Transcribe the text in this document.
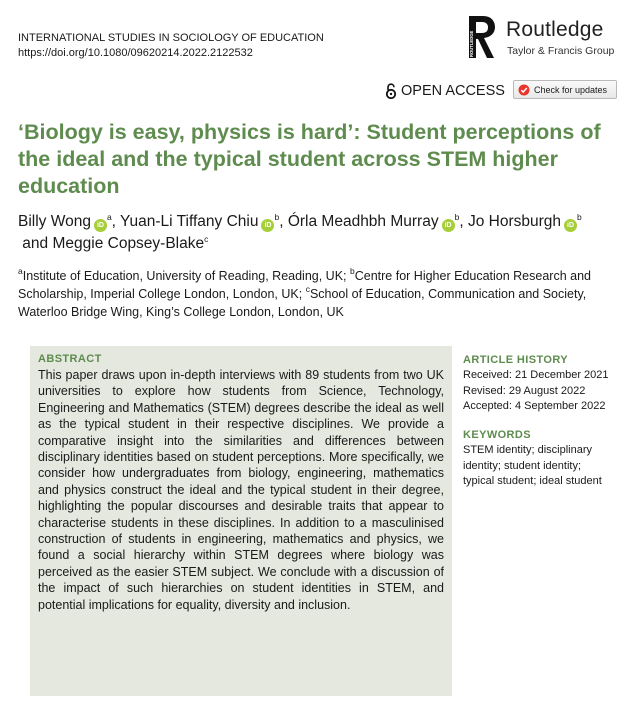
INTERNATIONAL STUDIES IN SOCIOLOGY OF EDUCATION
https://doi.org/10.1080/09620214.2022.2122532	ROUTLEDGE
Routledge
Taylor & Francis Group
OPEN ACCESS	Check for updates
‘Biology is easy, physics is hard’: Student perceptions of the ideal and the typical student across STEM higher education
Billy Wong $iD^a$, Yuan-Li Tiffany Chiu $iD^b$, Órla Meadhbh Murray $iD^b$, Jo Horsburgh $iD^b$ and Meggie Copsey-Blake$^c$
$^a$Institute of Education, University of Reading, Reading, UK; $^b$Centre for Higher Education Research and Scholarship, Imperial College London, London, UK; $^c$School of Education, Communication and Society, Waterloo Bridge Wing, King’s College London, London, UK
ABSTRACT
This paper draws upon in-depth interviews with 89 students from two UK universities to explore how students from Science, Technology, Engineering and Mathematics (STEM) degrees describe the ideal as well as the typical student in their respective disciplines. We provide a comparative insight into the similarities and differences between disciplinary identities based on student perceptions. More specifically, we consider how undergraduates from biology, engineering, mathematics and physics construct the ideal and the typical student in their degree, highlighting the popular discourses and desirable traits that appear to characterise students in these disciplines. In addition to a masculinised construction of students in engineering, mathematics and physics, we found a social hierarchy within STEM degrees where biology was perceived as the easier STEM subject. We conclude with a discussion of the impact of such hierarchies on student identities in STEM, and potential implications for equality, diversity and inclusion.
ARTICLE HISTORY
Received: 21 December 2021
Revised: 29 August 2022
Accepted: 4 September 2022
KEYWORDS
STEM identity; disciplinary
identity; student identity;
typical student; ideal student
